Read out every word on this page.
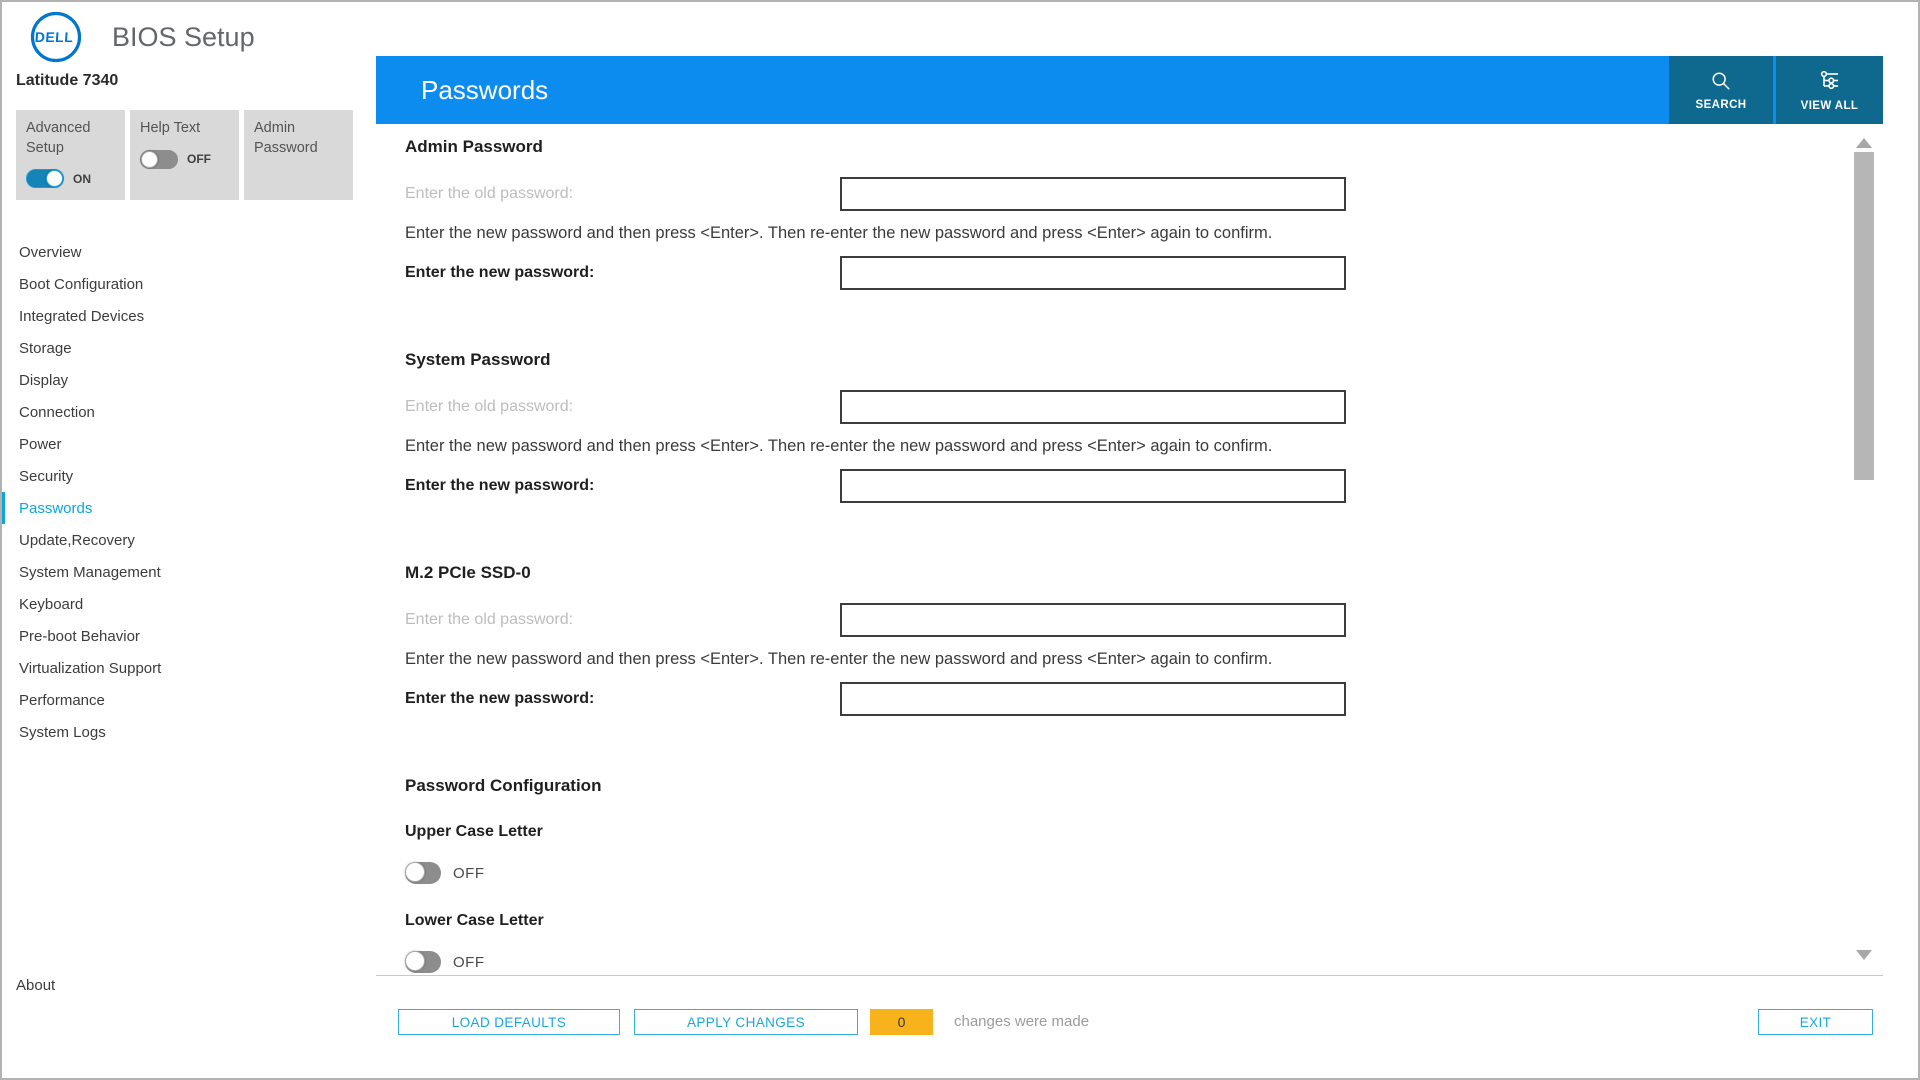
DELL BIOS Setup
Latitude 7340
Advanced Setup
ON
Help Text
OFF
Admin Password
Overview
Boot Configuration
Integrated Devices
Storage
Display
Connection
Power
Security
Passwords
Update,Recovery
System Management
Keyboard
Pre-boot Behavior
Virtualization Support
Performance
System Logs
About
Passwords	SEARCH	VIEW ALL
Admin Password
Enter the old password:
Enter the new password and then press <Enter>. Then re-enter the new password and press <Enter> again to confirm.
Enter the new password:
System Password
Enter the old password:
Enter the new password and then press <Enter>. Then re-enter the new password and press <Enter> again to confirm.
Enter the new password:
M.2 PCIe SSD-0
Enter the old password:
Enter the new password and then press <Enter>. Then re-enter the new password and press <Enter> again to confirm.
Enter the new password:
Password Configuration
Upper Case Letter
OFF
Lower Case Letter
OFF
LOAD DEFAULTS	APPLY CHANGES	0	changes were made	EXIT
